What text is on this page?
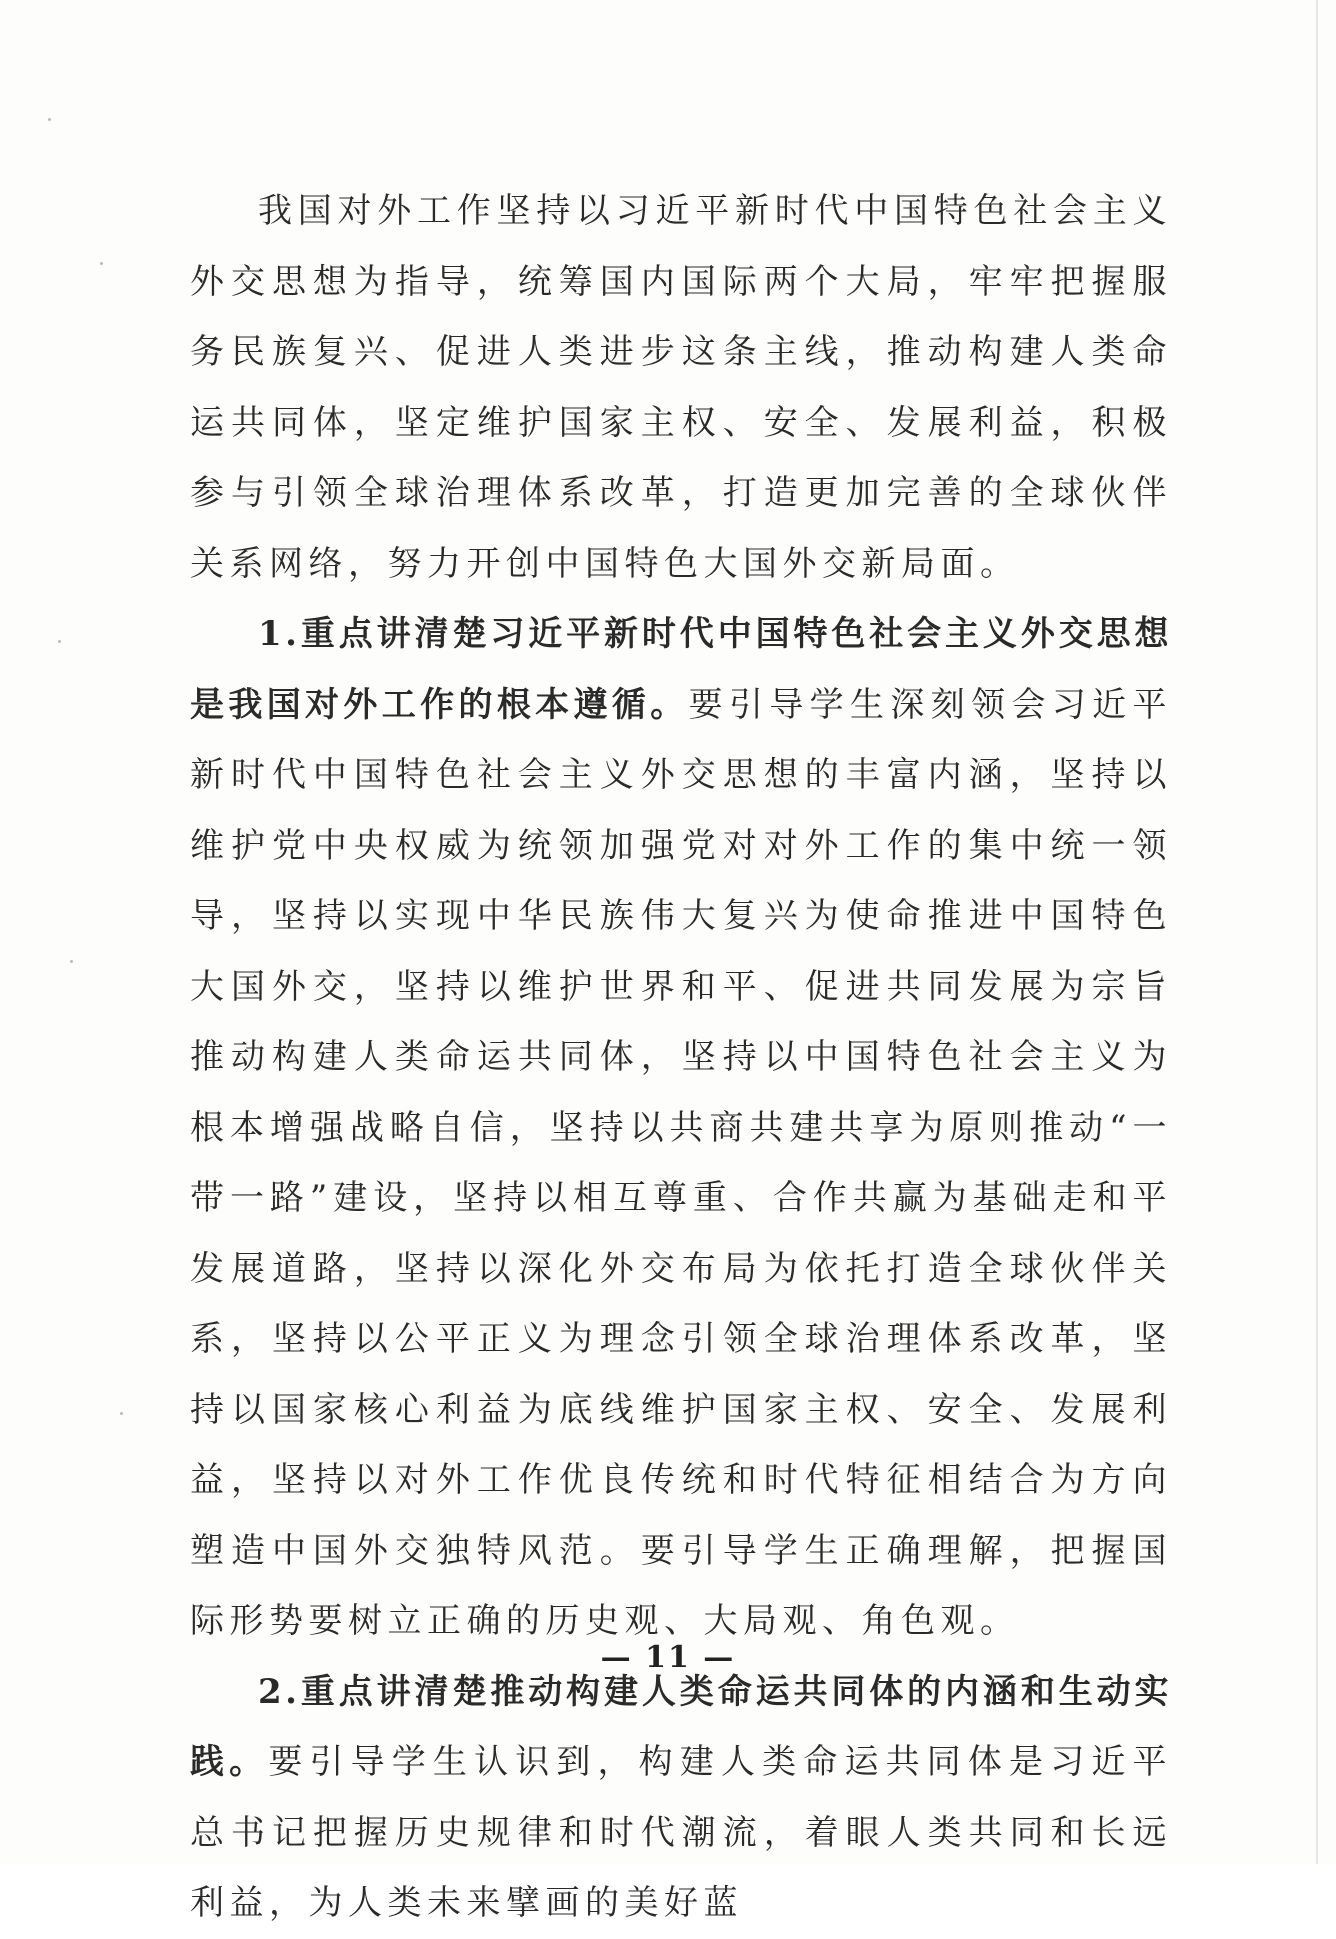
我国对外工作坚持以习近平新时代中国特色社会主义外交思想为指导，统筹国内国际两个大局，牢牢把握服务民族复兴、促进人类进步这条主线，推动构建人类命运共同体，坚定维护国家主权、安全、发展利益，积极参与引领全球治理体系改革，打造更加完善的全球伙伴关系网络，努力开创中国特色大国外交新局面。

1.重点讲清楚习近平新时代中国特色社会主义外交思想是我国对外工作的根本遵循。要引导学生深刻领会习近平新时代中国特色社会主义外交思想的丰富内涵，坚持以维护党中央权威为统领加强党对对外工作的集中统一领导，坚持以实现中华民族伟大复兴为使命推进中国特色大国外交，坚持以维护世界和平、促进共同发展为宗旨推动构建人类命运共同体，坚持以中国特色社会主义为根本增强战略自信，坚持以共商共建共享为原则推动“一带一路”建设，坚持以相互尊重、合作共赢为基础走和平发展道路，坚持以深化外交布局为依托打造全球伙伴关系，坚持以公平正义为理念引领全球治理体系改革，坚持以国家核心利益为底线维护国家主权、安全、发展利益，坚持以对外工作优良传统和时代特征相结合为方向塑造中国外交独特风范。要引导学生正确理解，把握国际形势要树立正确的历史观、大局观、角色观。

2.重点讲清楚推动构建人类命运共同体的内涵和生动实践。要引导学生认识到，构建人类命运共同体是习近平总书记把握历史规律和时代潮流，着眼人类共同和长远利益，为人类未来擘画的美好蓝

— 11 —
